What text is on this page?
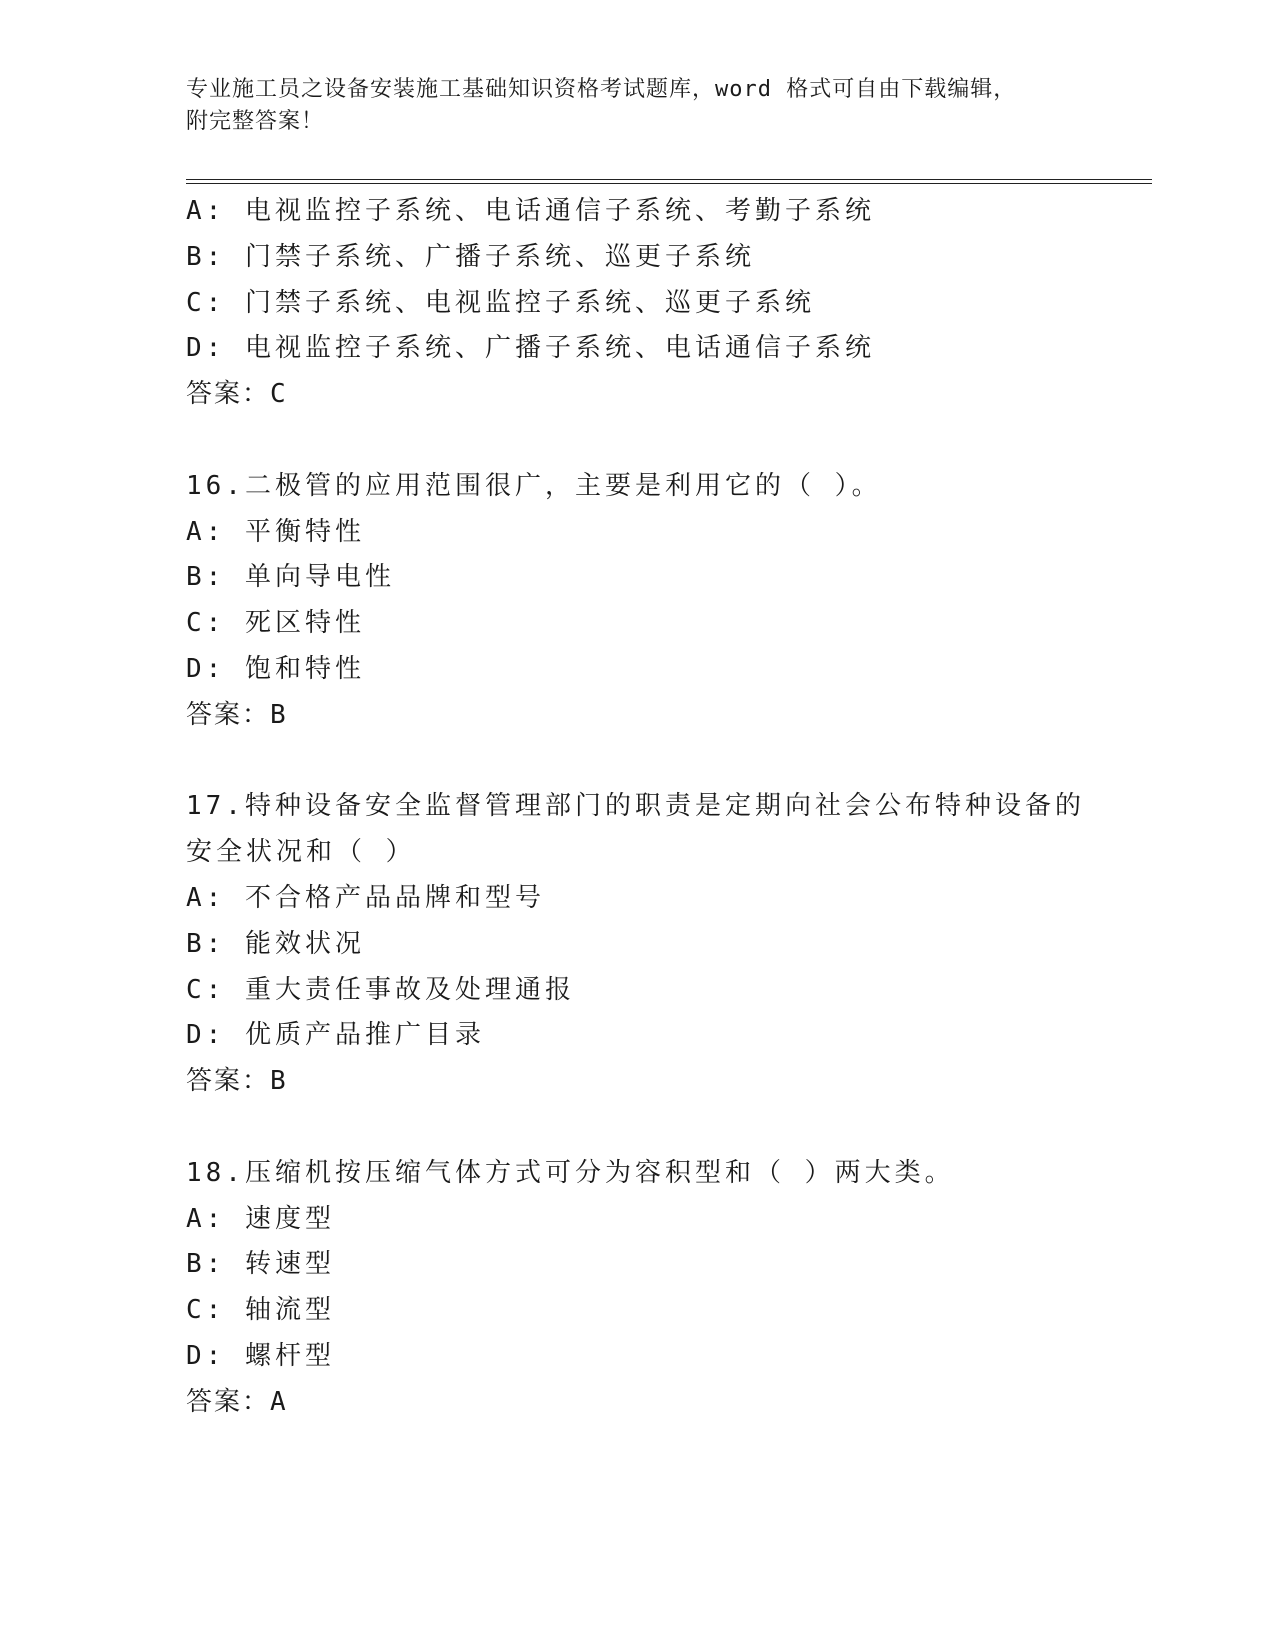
专业施工员之设备安装施工基础知识资格考试题库，word 格式可自由下载编辑，
附完整答案！
A: 电视监控子系统、电话通信子系统、考勤子系统
B: 门禁子系统、广播子系统、巡更子系统
C: 门禁子系统、电视监控子系统、巡更子系统
D: 电视监控子系统、广播子系统、电话通信子系统
答案：C
16.二极管的应用范围很广，主要是利用它的（ ）。
A: 平衡特性
B: 单向导电性
C: 死区特性
D: 饱和特性
答案：B
17.特种设备安全监督管理部门的职责是定期向社会公布特种设备的安全状况和（ ）
A: 不合格产品品牌和型号
B: 能效状况
C: 重大责任事故及处理通报
D: 优质产品推广目录
答案：B
18.压缩机按压缩气体方式可分为容积型和（ ）两大类。
A: 速度型
B: 转速型
C: 轴流型
D: 螺杆型
答案：A
